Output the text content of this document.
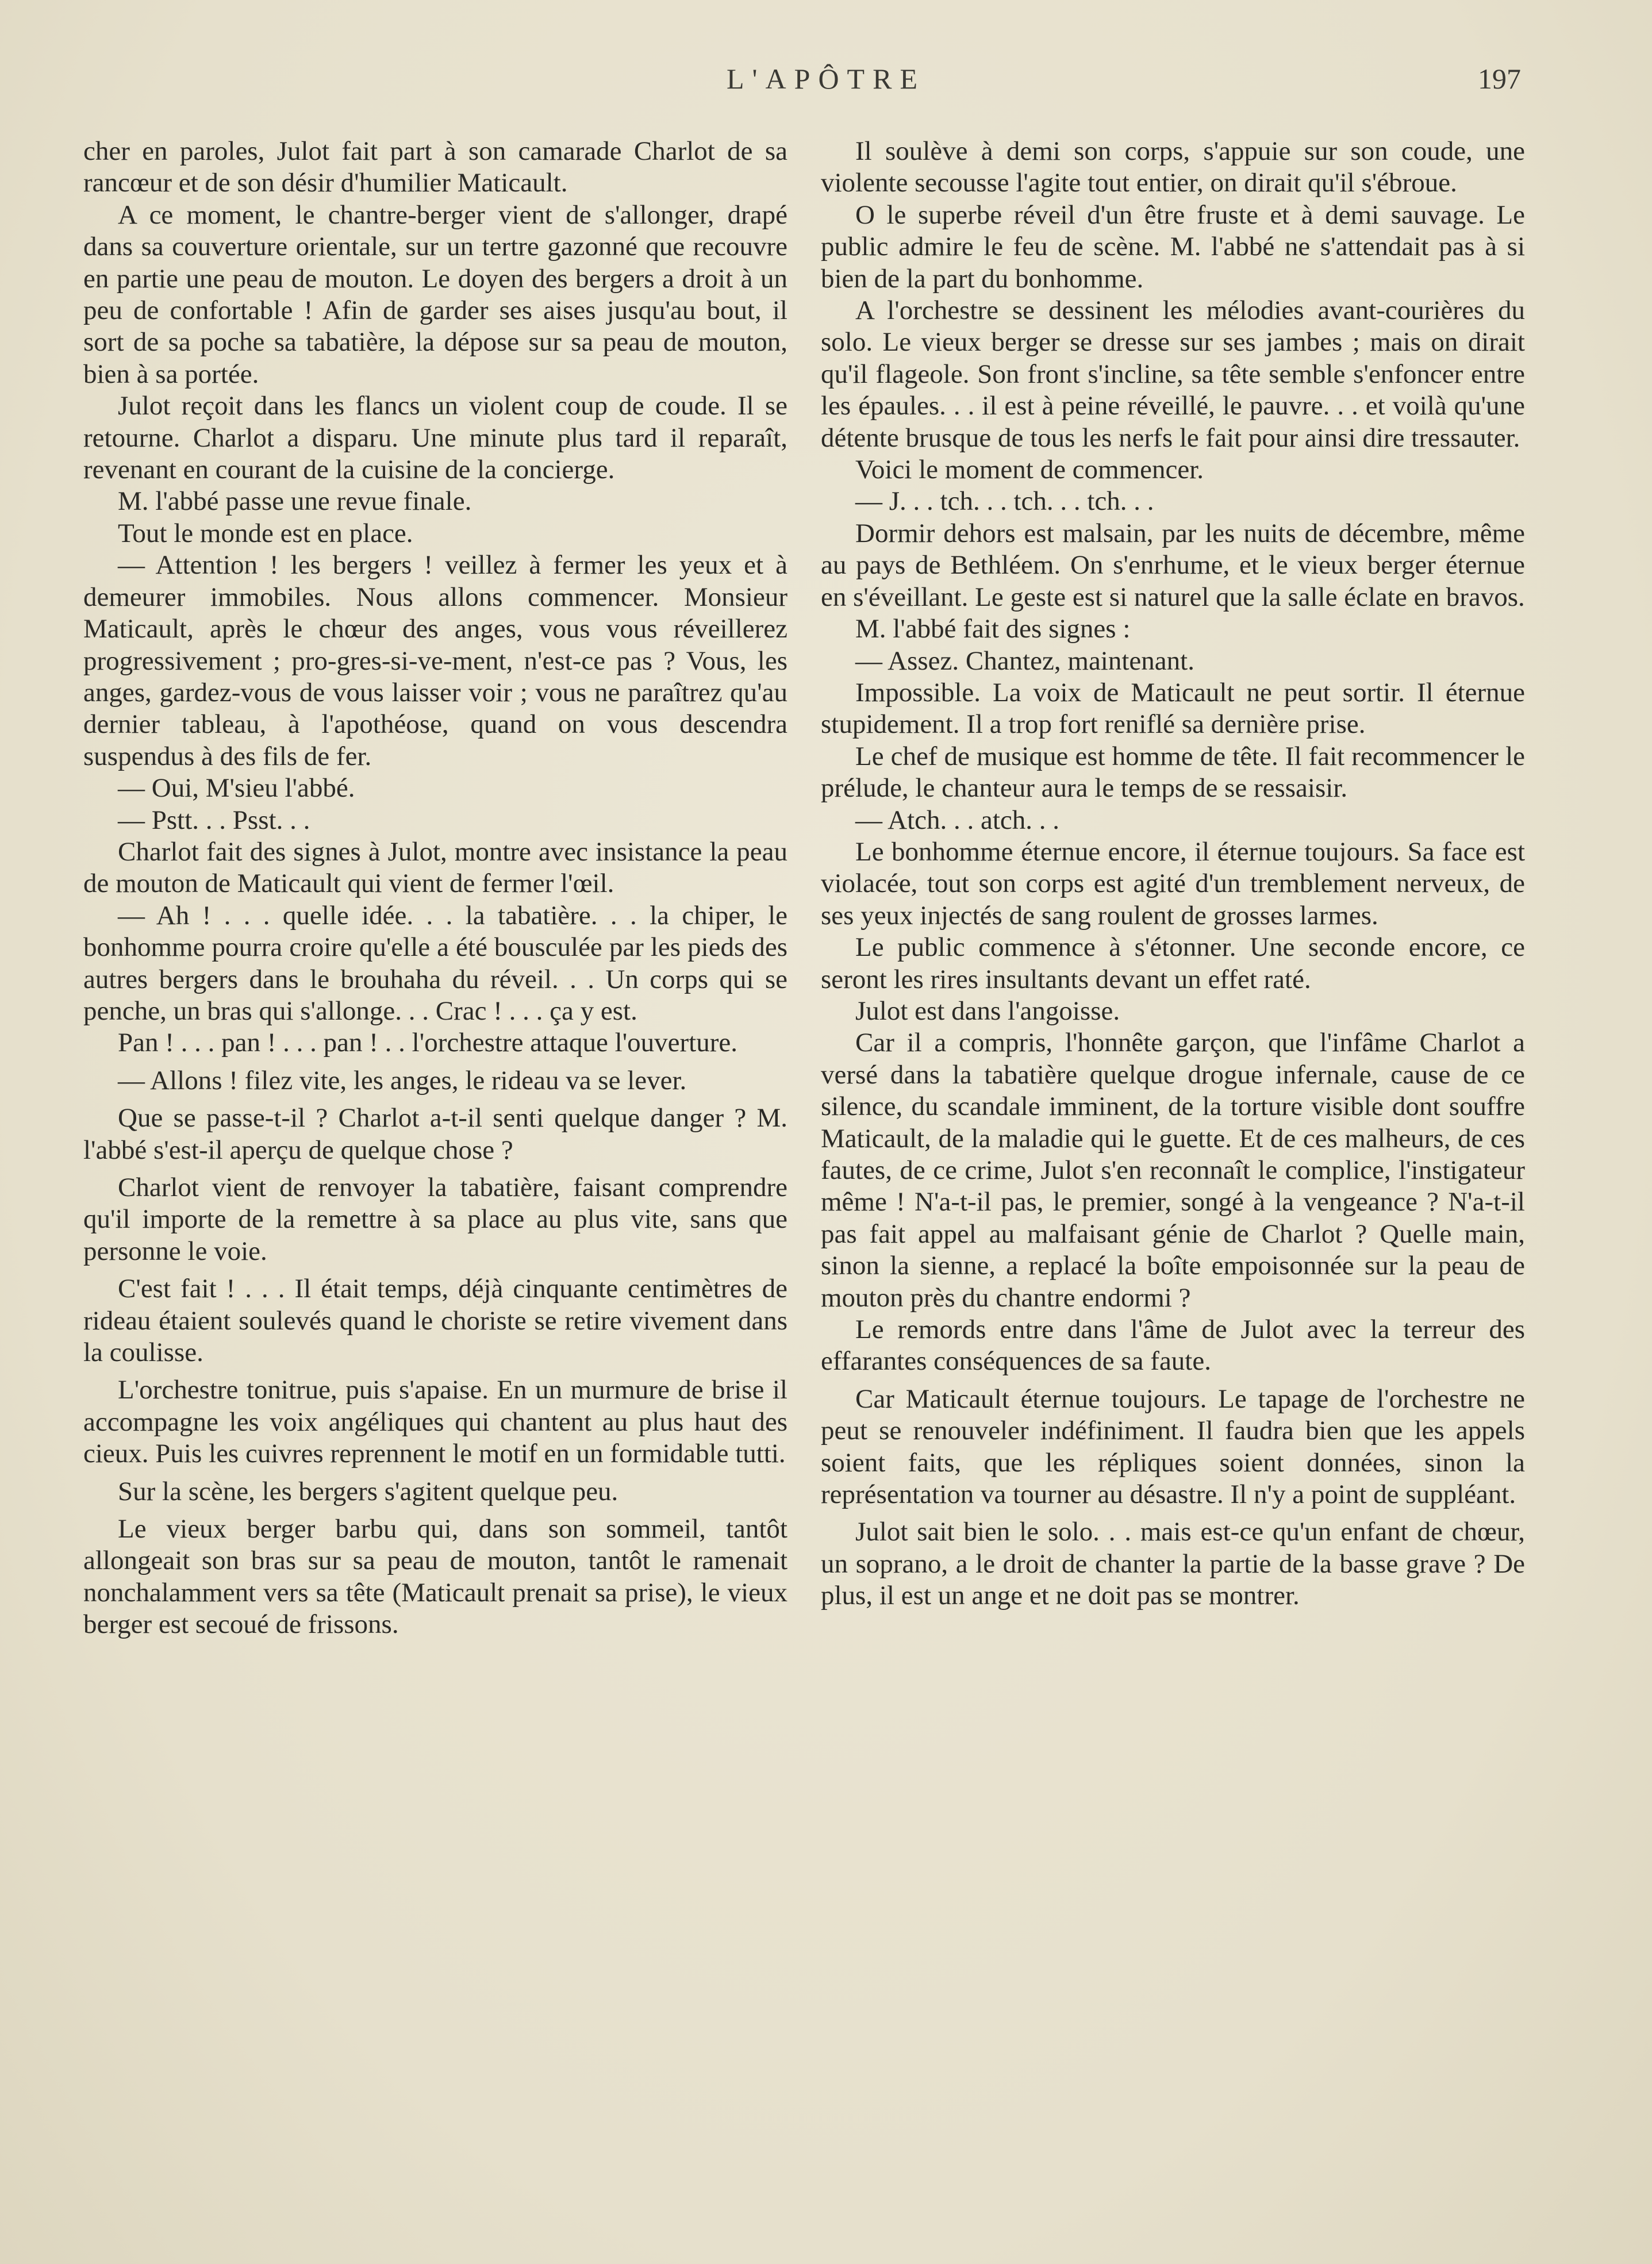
L'APÔTRE	197

cher en paroles, Julot fait part à son camarade Charlot de sa rancœur et de son désir d'humilier Maticault.

A ce moment, le chantre-berger vient de s'allonger, drapé dans sa couverture orientale, sur un tertre gazonné que recouvre en partie une peau de mouton. Le doyen des bergers a droit à un peu de confortable ! Afin de garder ses aises jusqu'au bout, il sort de sa poche sa tabatière, la dépose sur sa peau de mouton, bien à sa portée.

Julot reçoit dans les flancs un violent coup de coude. Il se retourne. Charlot a disparu. Une minute plus tard il reparaît, revenant en courant de la cuisine de la concierge.

M. l'abbé passe une revue finale.

Tout le monde est en place.

— Attention ! les bergers ! veillez à fermer les yeux et à demeurer immobiles. Nous allons commencer. Monsieur Maticault, après le chœur des anges, vous vous réveillerez progressivement ; pro-gres-si-ve-ment, n'est-ce pas ? Vous, les anges, gardez-vous de vous laisser voir ; vous ne paraîtrez qu'au dernier tableau, à l'apothéose, quand on vous descendra suspendus à des fils de fer.

— Oui, M'sieu l'abbé.

— Pstt. . . Psst. . .

Charlot fait des signes à Julot, montre avec insistance la peau de mouton de Maticault qui vient de fermer l'œil.

— Ah ! . . . quelle idée. . . la tabatière. . . la chiper, le bonhomme pourra croire qu'elle a été bousculée par les pieds des autres bergers dans le brouhaha du réveil. . . Un corps qui se penche, un bras qui s'allonge. . . Crac ! . . . ça y est.

Pan ! . . . pan ! . . . pan ! . . l'orchestre attaque l'ouverture.

— Allons ! filez vite, les anges, le rideau va se lever.

Que se passe-t-il ? Charlot a-t-il senti quelque danger ? M. l'abbé s'est-il aperçu de quelque chose ?

Charlot vient de renvoyer la tabatière, faisant comprendre qu'il importe de la remettre à sa place au plus vite, sans que personne le voie.

C'est fait ! . . . Il était temps, déjà cinquante centimètres de rideau étaient soulevés quand le choriste se retire vivement dans la coulisse.

L'orchestre tonitrue, puis s'apaise. En un murmure de brise il accompagne les voix angéliques qui chantent au plus haut des cieux. Puis les cuivres reprennent le motif en un formidable tutti.

Sur la scène, les bergers s'agitent quelque peu.

Le vieux berger barbu qui, dans son sommeil, tantôt allongeait son bras sur sa peau de mouton, tantôt le ramenait nonchalamment vers sa tête (Maticault prenait sa prise), le vieux berger est secoué de frissons.

Il soulève à demi son corps, s'appuie sur son coude, une violente secousse l'agite tout entier, on dirait qu'il s'ébroue.

O le superbe réveil d'un être fruste et à demi sauvage. Le public admire le feu de scène. M. l'abbé ne s'attendait pas à si bien de la part du bonhomme.

A l'orchestre se dessinent les mélodies avant-courières du solo. Le vieux berger se dresse sur ses jambes ; mais on dirait qu'il flageole. Son front s'incline, sa tête semble s'enfoncer entre les épaules. . . il est à peine réveillé, le pauvre. . . et voilà qu'une détente brusque de tous les nerfs le fait pour ainsi dire tressauter.

Voici le moment de commencer.

— J. . . tch. . . tch. . . tch. . .

Dormir dehors est malsain, par les nuits de décembre, même au pays de Bethléem. On s'enrhume, et le vieux berger éternue en s'éveillant. Le geste est si naturel que la salle éclate en bravos.

M. l'abbé fait des signes :

— Assez. Chantez, maintenant.

Impossible. La voix de Maticault ne peut sortir. Il éternue stupidement. Il a trop fort reniflé sa dernière prise.

Le chef de musique est homme de tête. Il fait recommencer le prélude, le chanteur aura le temps de se ressaisir.

— Atch. . . atch. . .

Le bonhomme éternue encore, il éternue toujours. Sa face est violacée, tout son corps est agité d'un tremblement nerveux, de ses yeux injectés de sang roulent de grosses larmes.

Le public commence à s'étonner. Une seconde encore, ce seront les rires insultants devant un effet raté.

Julot est dans l'angoisse.

Car il a compris, l'honnête garçon, que l'infâme Charlot a versé dans la tabatière quelque drogue infernale, cause de ce silence, du scandale imminent, de la torture visible dont souffre Maticault, de la maladie qui le guette. Et de ces malheurs, de ces fautes, de ce crime, Julot s'en reconnaît le complice, l'instigateur même ! N'a-t-il pas, le premier, songé à la vengeance ? N'a-t-il pas fait appel au malfaisant génie de Charlot ? Quelle main, sinon la sienne, a replacé la boîte empoisonnée sur la peau de mouton près du chantre endormi ?

Le remords entre dans l'âme de Julot avec la terreur des effarantes conséquences de sa faute.

Car Maticault éternue toujours. Le tapage de l'orchestre ne peut se renouveler indéfiniment. Il faudra bien que les appels soient faits, que les répliques soient données, sinon la représentation va tourner au désastre. Il n'y a point de suppléant.

Julot sait bien le solo. . . mais est-ce qu'un enfant de chœur, un soprano, a le droit de chanter la partie de la basse grave ? De plus, il est un ange et ne doit pas se montrer.
